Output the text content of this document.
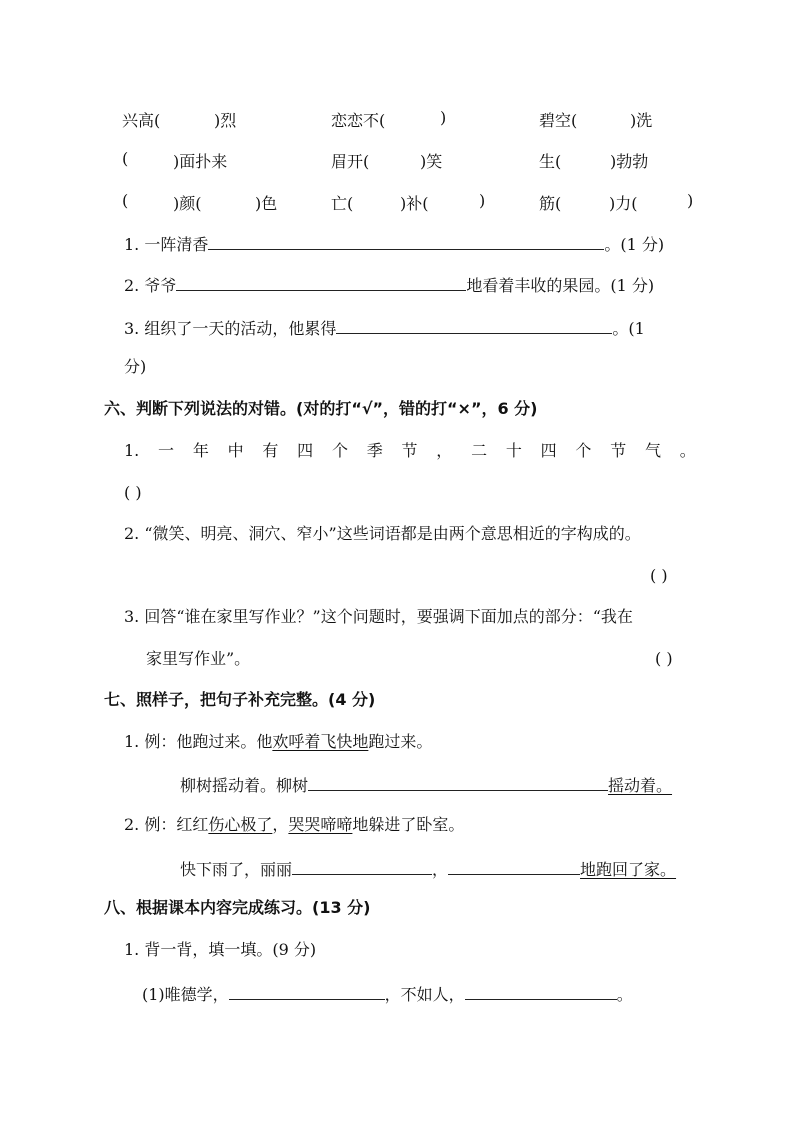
兴高(	)烈	恋恋不(	)	碧空(	)洗
(	)面扑来	眉开(	)笑	生(	)勃勃
(	)颜(	)色	亡(	)补(	)	筋(	)力(	)
1. 一阵清香	。(1 分)
2. 爷爷	地看着丰收的果园。(1 分)
3. 组织了一天的活动，他累得	。(1
分)
六、判断下列说法的对错。(对的打“√”，错的打“×”，6 分)
1. 一 年 中 有 四 个 季 节 ， 二 十 四 个 节 气 。
( )
2. “微笑、明亮、洞穴、窄小”这些词语都是由两个意思相近的字构成的。
( )
3. 回答“谁在家里写作业？”这个问题时，要强调下面加点的部分：“我在
家里写作业”。	( )
七、照样子，把句子补充完整。(4 分)
1. 例：他跑过来。他欢呼着飞快地跑过来。
柳树摇动着。柳树	摇动着。
2. 例：红红伤心极了，哭哭啼啼地躲进了卧室。
快下雨了，丽丽	，	地跑回了家。
八、根据课本内容完成练习。(13 分)
1. 背一背，填一填。(9 分)
(1)唯德学，	，不如人，	。
